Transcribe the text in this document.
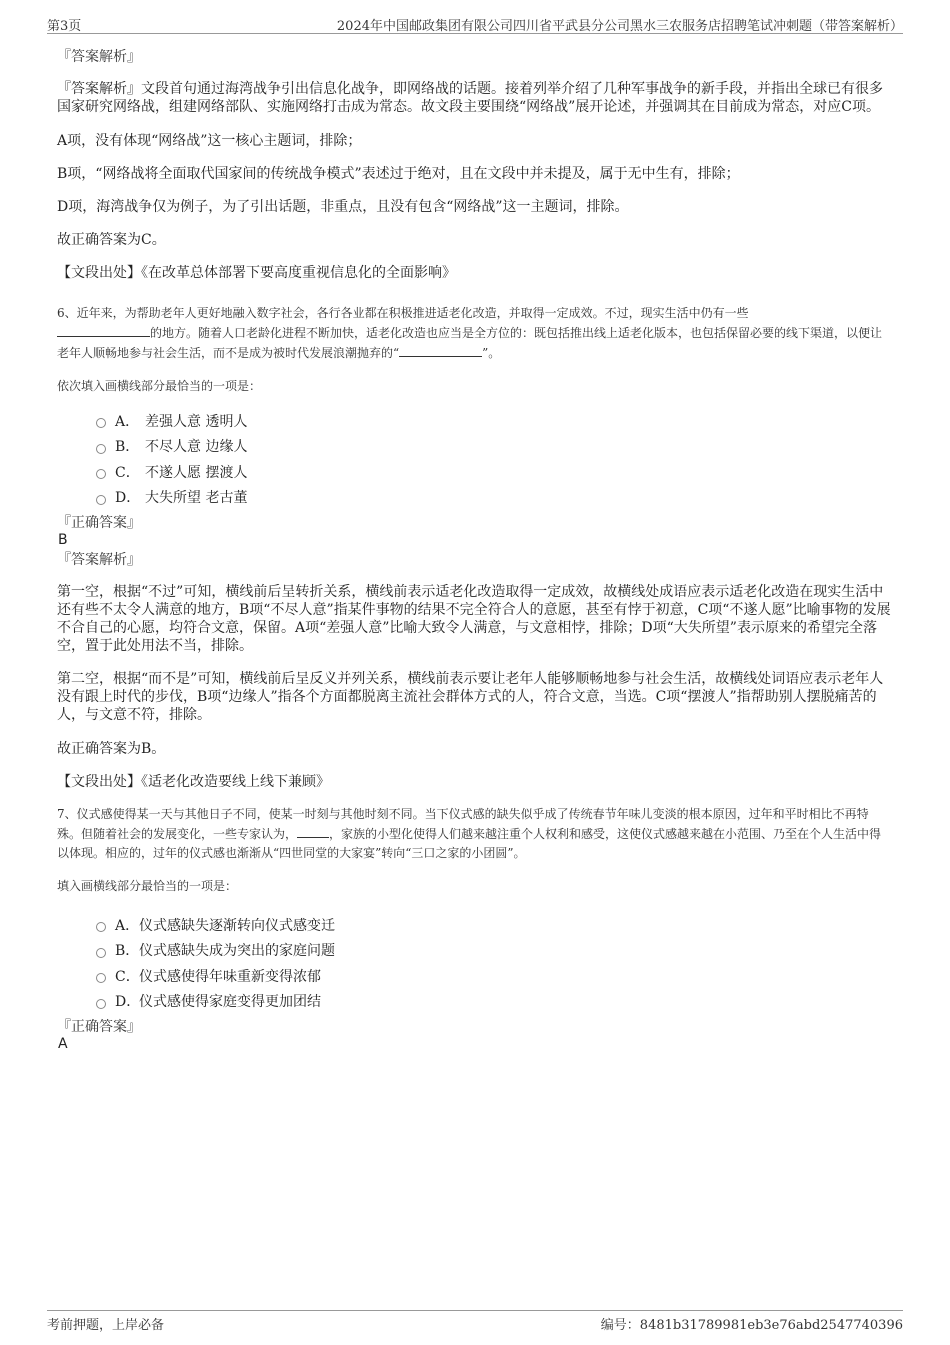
第3页	2024年中国邮政集团有限公司四川省平武县分公司黑水三农服务店招聘笔试冲刺题（带答案解析）
『答案解析』

『答案解析』文段首句通过海湾战争引出信息化战争，即网络战的话题。接着列举介绍了几种军事战争的新手段，并指出全球已有很多国家研究网络战，组建网络部队、实施网络打击成为常态。故文段主要围绕“网络战”展开论述，并强调其在目前成为常态，对应C项。

A项，没有体现“网络战”这一核心主题词，排除；

B项，“网络战将全面取代国家间的传统战争模式”表述过于绝对，且在文段中并未提及，属于无中生有，排除；

D项，海湾战争仅为例子，为了引出话题，非重点，且没有包含“网络战”这一主题词，排除。

故正确答案为C。

【文段出处】《在改革总体部署下要高度重视信息化的全面影响》

6、近年来，为帮助老年人更好地融入数字社会，各行各业都在积极推进适老化改造，并取得一定成效。不过，现实生活中仍有一些
的地方。随着人口老龄化进程不断加快，适老化改造也应当是全方位的：既包括推出线上适老化版本，也包括保留必要的线下渠道，以便让老年人顺畅地参与社会生活，而不是成为被时代发展浪潮抛弃的“	”。

依次填入画横线部分最恰当的一项是：

A． 差强人意 透明人
B． 不尽人意 边缘人
C． 不遂人愿 摆渡人
D． 大失所望 老古董
『正确答案』
B
『答案解析』

第一空，根据“不过”可知，横线前后呈转折关系，横线前表示适老化改造取得一定成效，故横线处成语应表示适老化改造在现实生活中还有些不太令人满意的地方，B项“不尽人意”指某件事物的结果不完全符合人的意愿，甚至有悖于初意，C项“不遂人愿”比喻事物的发展不合自己的心愿，均符合文意，保留。A项“差强人意”比喻大致令人满意，与文意相悖，排除；D项“大失所望”表示原来的希望完全落空，置于此处用法不当，排除。

第二空，根据“而不是”可知，横线前后呈反义并列关系，横线前表示要让老年人能够顺畅地参与社会生活，故横线处词语应表示老年人没有跟上时代的步伐，B项“边缘人”指各个方面都脱离主流社会群体方式的人，符合文意，当选。C项“摆渡人”指帮助别人摆脱痛苦的人，与文意不符，排除。

故正确答案为B。

【文段出处】《适老化改造要线上线下兼顾》

7、仪式感使得某一天与其他日子不同，使某一时刻与其他时刻不同。当下仪式感的缺失似乎成了传统春节年味儿变淡的根本原因，过年和平时相比不再特殊。但随着社会的发展变化，一些专家认为，	，家族的小型化使得人们越来越注重个人权利和感受，这使仪式感越来越在小范围、乃至在个人生活中得以体现。相应的，过年的仪式感也渐渐从“四世同堂的大家宴”转向“三口之家的小团圆”。

填入画横线部分最恰当的一项是：

A． 仪式感缺失逐渐转向仪式感变迁
B． 仪式感缺失成为突出的家庭问题
C． 仪式感使得年味重新变得浓郁
D．
仪式感使得家庭变得更加团结
『正确答案』
A
考前押题，上岸必备	编号：8481b31789981eb3e76abd2547740396
